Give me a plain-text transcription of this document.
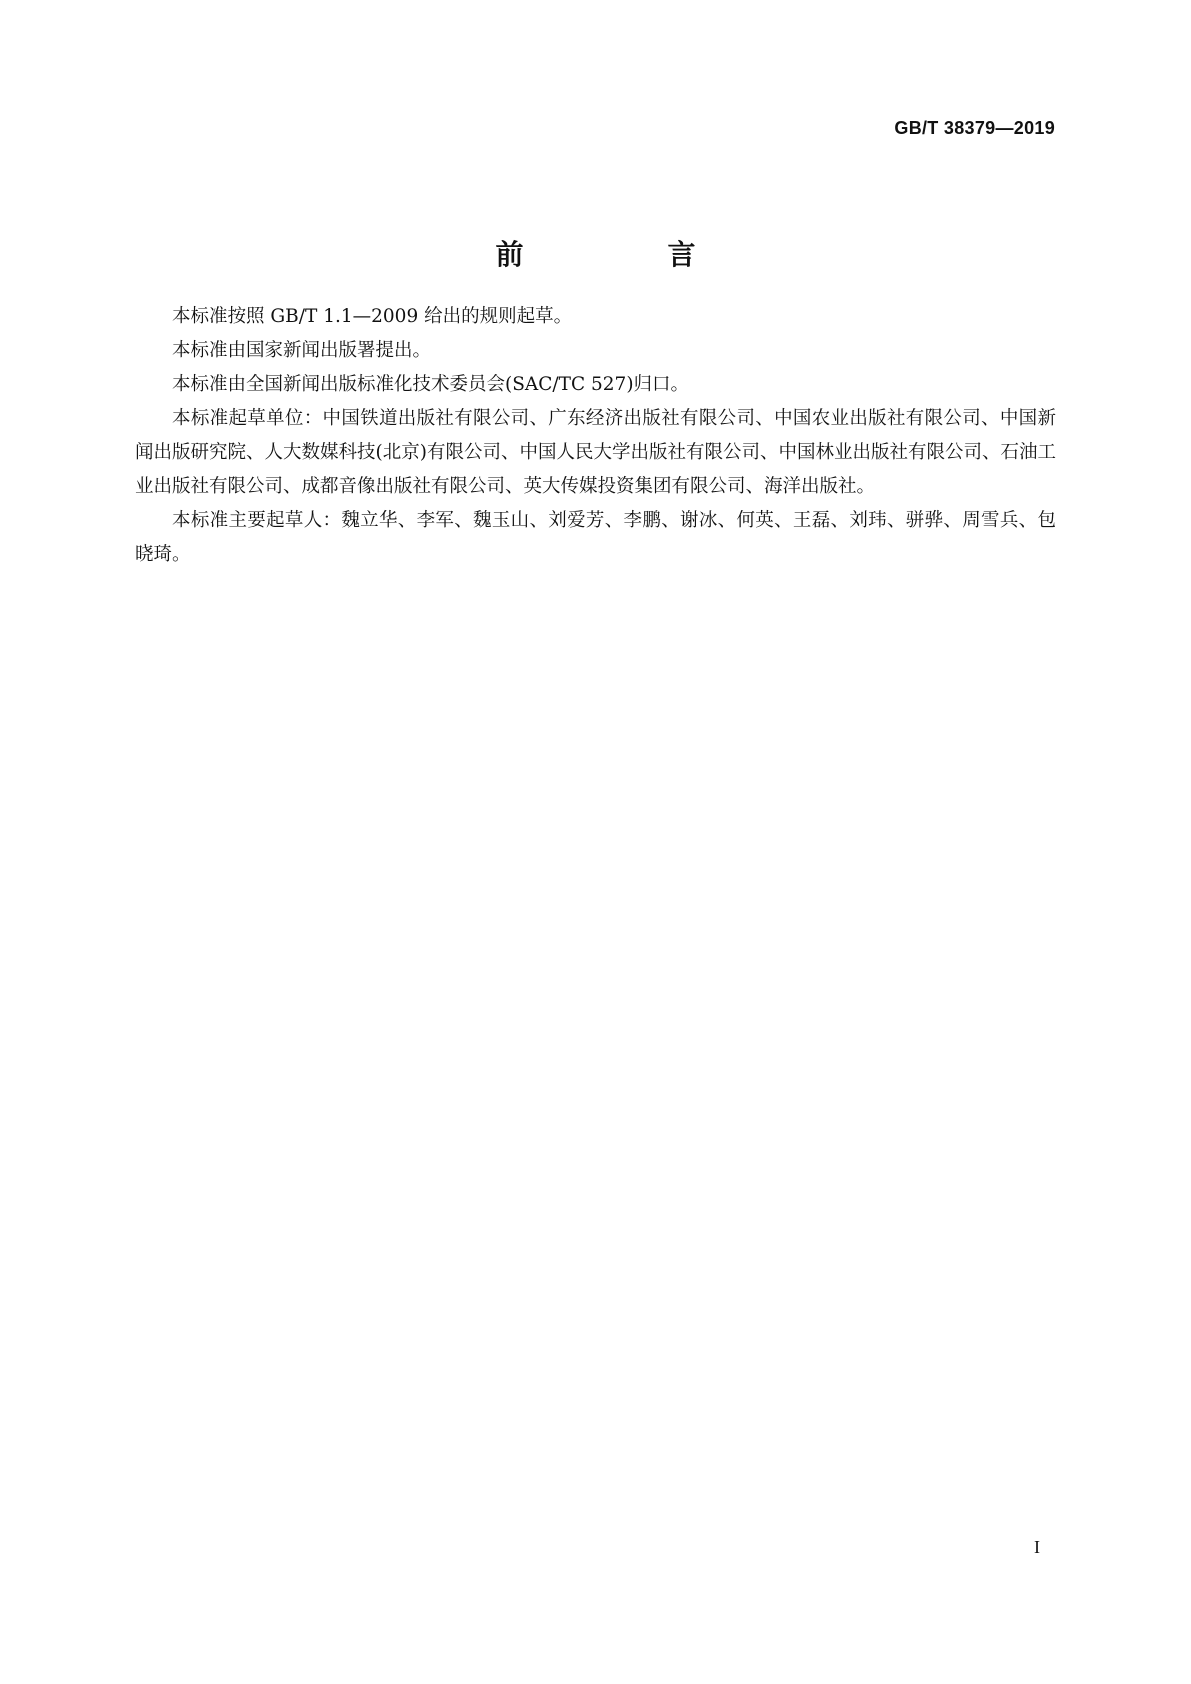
GB/T 38379—2019
前　言

本标准按照 GB/T 1.1—2009 给出的规则起草。

本标准由国家新闻出版署提出。

本标准由全国新闻出版标准化技术委员会(SAC/TC 527)归口。

本标准起草单位：中国铁道出版社有限公司、广东经济出版社有限公司、中国农业出版社有限公司、中国新闻出版研究院、人大数媒科技(北京)有限公司、中国人民大学出版社有限公司、中国林业出版社有限公司、石油工业出版社有限公司、成都音像出版社有限公司、英大传媒投资集团有限公司、海洋出版社。

本标准主要起草人：魏立华、李军、魏玉山、刘爱芳、李鹏、谢冰、何英、王磊、刘玮、骈骅、周雪兵、包晓琦。

I
